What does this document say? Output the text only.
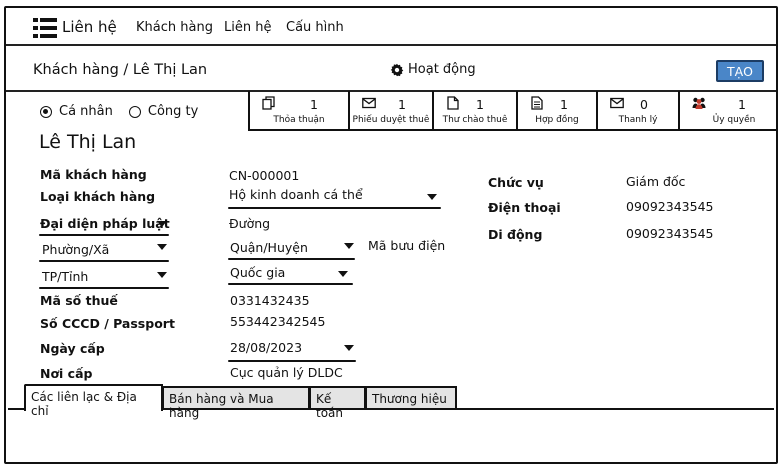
Liên hệ Khách hàng Liên hệ Cấu hình
Khách hàng / Lê Thị Lan	Hoạt động	TẠO
Cá nhân	Công ty
Lê Thị Lan
1
Thỏa thuận
1
Phiếu duyệt thuê
1
Thư chào thuê
1
Hợp đồng
0
Thanh lý
1
Ủy quyền
Mã khách hàng	CN-000001
Loại khách hàng	Hộ kinh doanh cá thể
Đại diện pháp luật	Đường
Phường/Xã	Quận/Huyện	Mã bưu điện
TP/Tỉnh	Quốc gia
Mã số thuế	0331432435
Số CCCD / Passport	553442342545
Ngày cấp	28/08/2023
Nơi cấp	Cục quản lý DLDC
Chức vụ	Giám đốc
Điện thoại	09092343545
Di động	09092343545
Các liên lạc & Địa chỉ
Bán hàng và Mua hàng
Kế toán
Thương hiệu
